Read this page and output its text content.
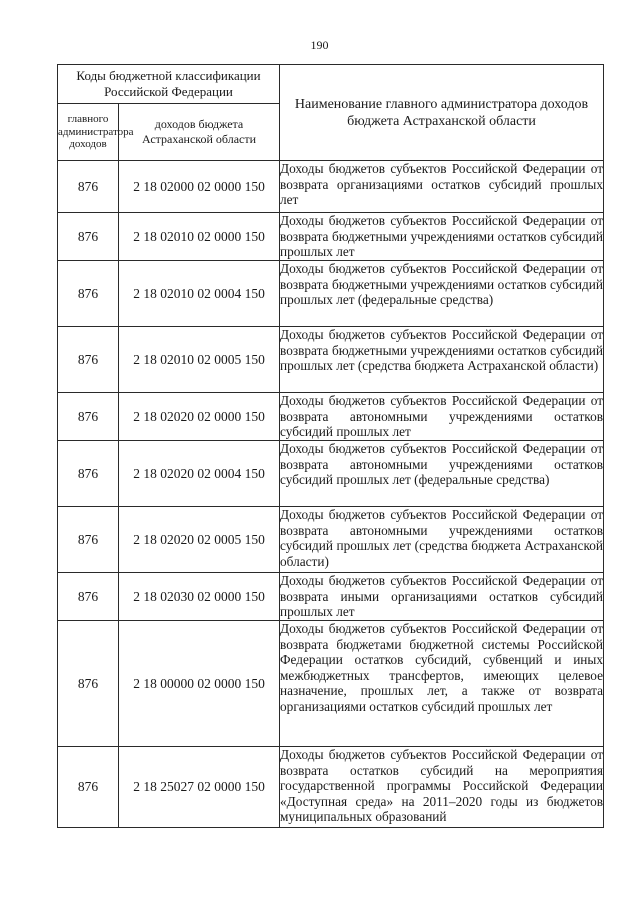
190
Коды бюджетной классификации Российской Федерации		Наименование главного администратора доходов бюджета Астраханской области
главного администратора доходов	доходов бюджета Астраханской области	
876	2 18 02000 02 0000 150	Доходы бюджетов субъектов Российской Федерации от возврата организациями остатков субсидий прошлых лет
876	2 18 02010 02 0000 150	Доходы бюджетов субъектов Российской Федерации от возврата бюджетными учреждениями остатков субсидий прошлых лет
876	2 18 02010 02 0004 150	Доходы бюджетов субъектов Российской Федерации от возврата бюджетными учреждениями остатков субсидий прошлых лет (федеральные средства)
876	2 18 02010 02 0005 150	Доходы бюджетов субъектов Российской Федерации от возврата бюджетными учреждениями остатков субсидий прошлых лет (средства бюджета Астраханской области)
876	2 18 02020 02 0000 150	Доходы бюджетов субъектов Российской Федерации от возврата автономными учреждениями остатков субсидий прошлых лет
876	2 18 02020 02 0004 150	Доходы бюджетов субъектов Российской Федерации от возврата автономными учреждениями остатков субсидий прошлых лет (федеральные средства)
876	2 18 02020 02 0005 150	Доходы бюджетов субъектов Российской Федерации от возврата автономными учреждениями остатков субсидий прошлых лет (средства бюджета Астраханской области)
876	2 18 02030 02 0000 150	Доходы бюджетов субъектов Российской Федерации от возврата иными организациями остатков субсидий прошлых лет
876	2 18 00000 02 0000 150	Доходы бюджетов субъектов Российской Федерации от возврата бюджетами бюджетной системы Российской Федерации остатков субсидий, субвенций и иных межбюджетных трансфертов, имеющих целевое назначение, прошлых лет, а также от возврата организациями остатков субсидий прошлых лет
876	2 18 25027 02 0000 150	Доходы бюджетов субъектов Российской Федерации от возврата остатков субсидий на мероприятия государственной программы Российской Федерации «Доступная среда» на 2011–2020 годы из бюджетов муниципальных образований
